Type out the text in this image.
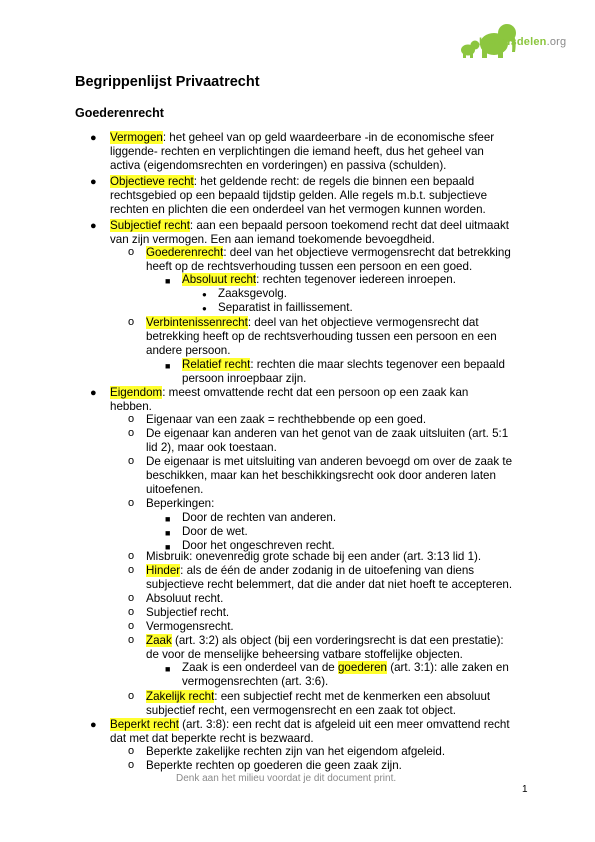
Kennisdelen.org
Begrippenlijst Privaatrecht
Goederenrecht
● Vermogen: het geheel van op geld waardeerbare -in de economische sfeer
liggende- rechten en verplichtingen die iemand heeft, dus het geheel van
activa (eigendomsrechten en vorderingen) en passiva (schulden).
● Objectieve recht: het geldende recht: de regels die binnen een bepaald
rechtsgebied op een bepaald tijdstip gelden. Alle regels m.b.t. subjectieve
rechten en plichten die een onderdeel van het vermogen kunnen worden.
● Subjectief recht: aan een bepaald persoon toekomend recht dat deel uitmaakt
van zijn vermogen. Een aan iemand toekomende bevoegdheid.
o Goederenrecht: deel van het objectieve vermogensrecht dat betrekking
heeft op de rechtsverhouding tussen een persoon en een goed.
■ Absoluut recht: rechten tegenover iedereen inroepen.
● Zaaksgevolg.
● Separatist in faillissement.
o Verbintenissenrecht: deel van het objectieve vermogensrecht dat
betrekking heeft op de rechtsverhouding tussen een persoon en een
andere persoon.
■ Relatief recht: rechten die maar slechts tegenover een bepaald
persoon inroepbaar zijn.
● Eigendom: meest omvattende recht dat een persoon op een zaak kan
hebben.
o Eigenaar van een zaak = rechthebbende op een goed.
o De eigenaar kan anderen van het genot van de zaak uitsluiten (art. 5:1
lid 2), maar ook toestaan.
o De eigenaar is met uitsluiting van anderen bevoegd om over de zaak te
beschikken, maar kan het beschikkingsrecht ook door anderen laten
uitoefenen.
o Beperkingen:
■ Door de rechten van anderen.
■ Door de wet.
■ Door het ongeschreven recht.
o Misbruik: onevenredig grote schade bij een ander (art. 3:13 lid 1).
o Hinder: als de één de ander zodanig in de uitoefening van diens
subjectieve recht belemmert, dat die ander dat niet hoeft te accepteren.
o Absoluut recht.
o Subjectief recht.
o Vermogensrecht.
o Zaak (art. 3:2) als object (bij een vorderingsrecht is dat een prestatie):
de voor de menselijke beheersing vatbare stoffelijke objecten.
■ Zaak is een onderdeel van de goederen (art. 3:1): alle zaken en
vermogensrechten (art. 3:6).
o Zakelijk recht: een subjectief recht met de kenmerken een absoluut
subjectief recht, een vermogensrecht en een zaak tot object.
● Beperkt recht (art. 3:8): een recht dat is afgeleid uit een meer omvattend recht
dat met dat beperkte recht is bezwaard.
o Beperkte zakelijke rechten zijn van het eigendom afgeleid.
o Beperkte rechten op goederen die geen zaak zijn.
Denk aan het milieu voordat je dit document print.
1
